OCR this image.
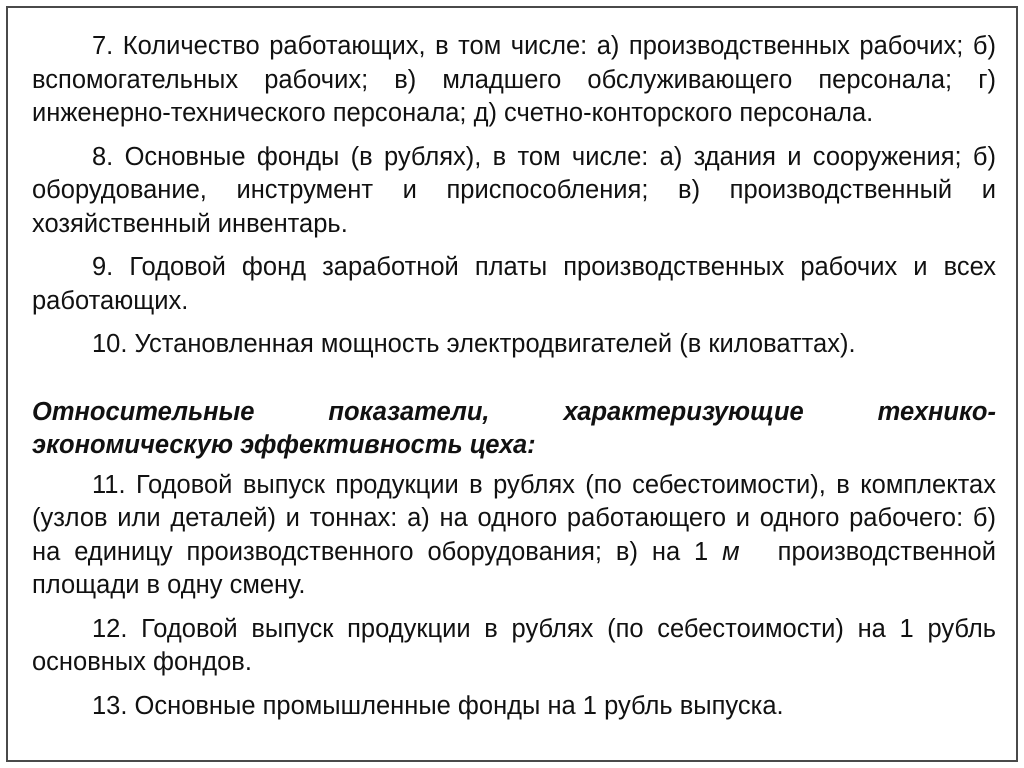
7. Количество работающих, в том числе: а) производственных рабочих; б) вспомогательных рабочих; в) младшего обслуживающего персонала; г) инженерно-технического персонала; д) счетно-конторского персонала.

8. Основные фонды (в рублях), в том числе: а) здания и сооружения; б) оборудование, инструмент и приспособления; в) производственный и хозяйственный инвентарь.

9. Годовой фонд заработной платы производственных рабочих и всех работающих.

10. Установленная мощность электродвигателей (в киловаттах).

Относительные показатели, характеризующие технико-экономическую эффективность цеха:

11. Годовой выпуск продукции в рублях (по себестоимости), в комплектах (узлов или деталей) и тоннах: а) на одного работающего и одного рабочего: б) на единицу производственного оборудования; в) на 1 м производственной площади в одну смену.

12. Годовой выпуск продукции в рублях (по себестоимости) на 1 рубль основных фондов.

13. Основные промышленные фонды на 1 рубль выпуска.
